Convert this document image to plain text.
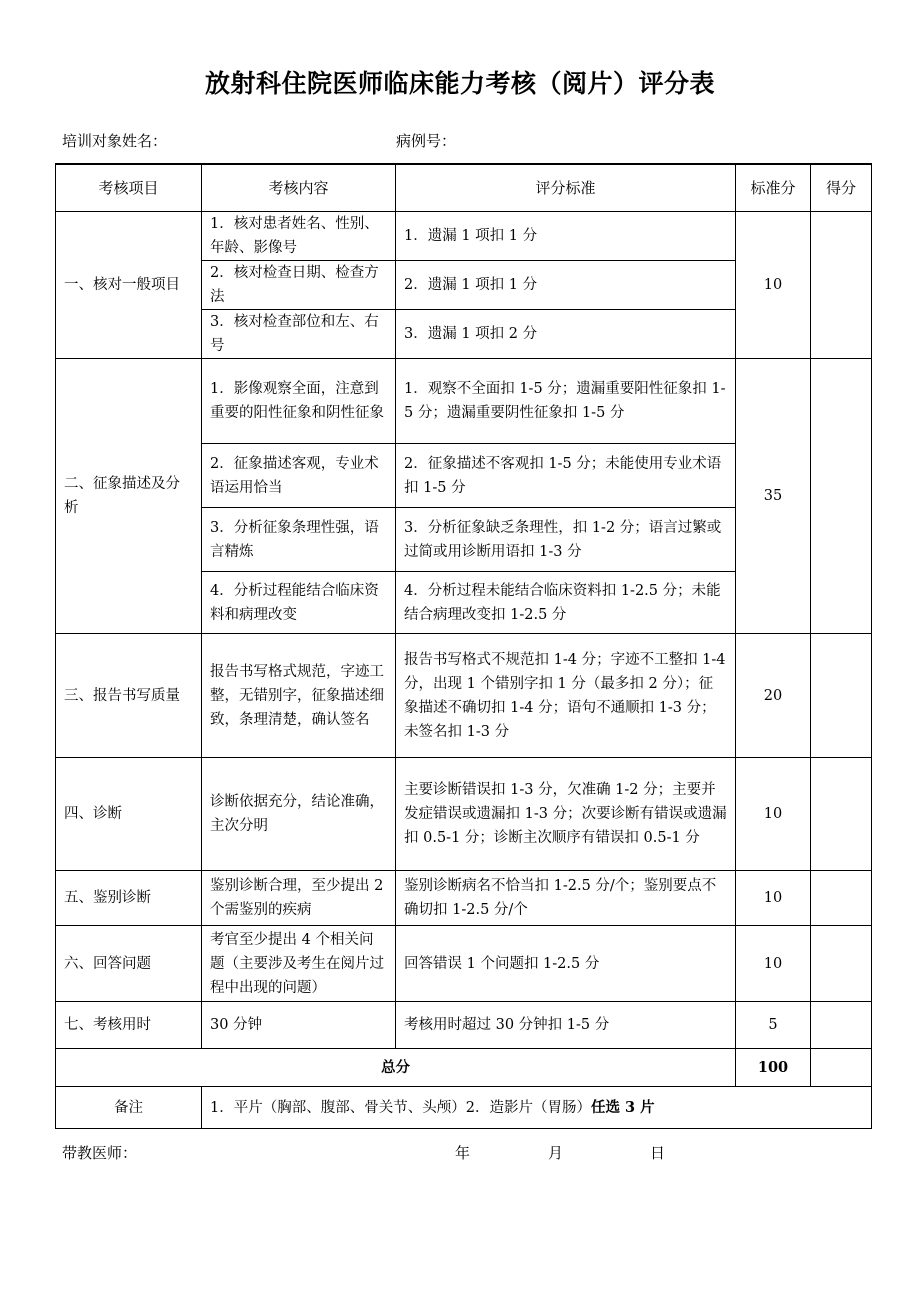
放射科住院医师临床能力考核（阅片）评分表
培训对象姓名：	病例号：
考核项目	考核内容	评分标准	标准分	得分
一、核对一般项目	1．核对患者姓名、性别、年龄、影像号	1．遗漏 1 项扣 1 分	10	
	2．核对检查日期、检查方法	2．遗漏 1 项扣 1 分		
	3．核对检查部位和左、右号	3．遗漏 1 项扣 2 分		
二、征象描述及分析	1．影像观察全面，注意到重要的阳性征象和阴性征象	1．观察不全面扣 1-5 分；遗漏重要阳性征象扣 1-5 分；遗漏重要阴性征象扣 1-5 分	35	
	2．征象描述客观，专业术语运用恰当	2．征象描述不客观扣 1-5 分；未能使用专业术语扣 1-5 分		
	3．分析征象条理性强，语言精炼	3．分析征象缺乏条理性，扣 1-2 分；语言过繁或过简或用诊断用语扣 1-3 分		
	4．分析过程能结合临床资料和病理改变	4．分析过程未能结合临床资料扣 1-2.5 分；未能结合病理改变扣 1-2.5 分		
三、报告书写质量	报告书写格式规范，字迹工整，无错别字，征象描述细致，条理清楚，确认签名	报告书写格式不规范扣 1-4 分；字迹不工整扣 1-4 分，出现 1 个错别字扣 1 分（最多扣 2 分）；征象描述不确切扣 1-4 分；语句不通顺扣 1-3 分；未签名扣 1-3 分	20	
四、诊断	诊断依据充分，结论准确，主次分明	主要诊断错误扣 1-3 分，欠准确 1-2 分；主要并发症错误或遗漏扣 1-3 分；次要诊断有错误或遗漏扣 0.5-1 分；诊断主次顺序有错误扣 0.5-1 分	10	
五、鉴别诊断	鉴别诊断合理，至少提出 2 个需鉴别的疾病	鉴别诊断病名不恰当扣 1-2.5 分/个；鉴别要点不确切扣 1-2.5 分/个	10	
六、回答问题	考官至少提出 4 个相关问题（主要涉及考生在阅片过程中出现的问题）	回答错误 1 个问题扣 1-2.5 分	10	
七、考核用时	30 分钟	考核用时超过 30 分钟扣 1-5 分	5	
总分			100	
备注	1．平片（胸部、腹部、骨关节、头颅）2．造影片（胃肠）任选 3 片			
带教医师：	年	月	日
